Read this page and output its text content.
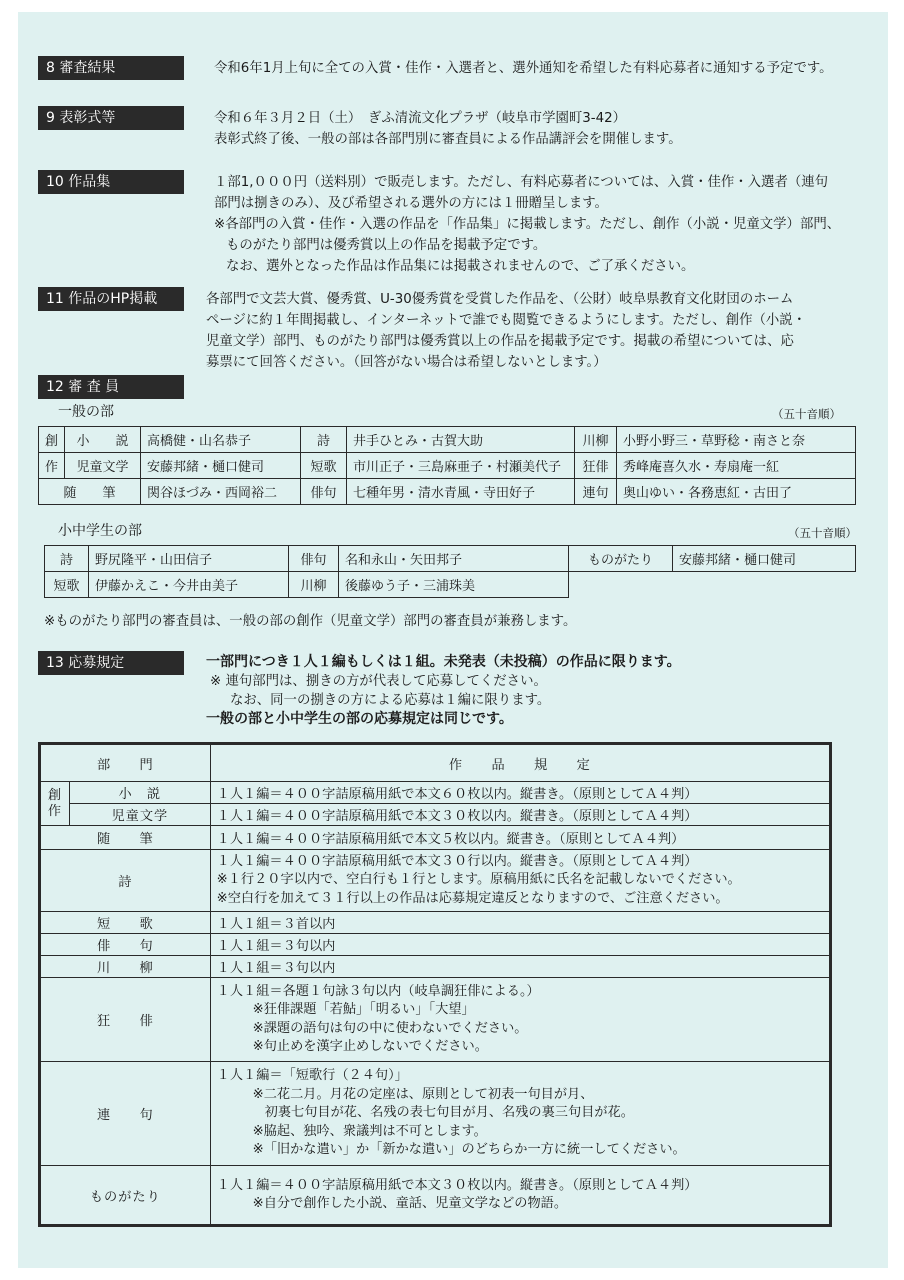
8 審査結果	令和6年1月上旬に全ての入賞・佳作・入選者と、選外通知を希望した有料応募者に通知する予定です。

9 表彰式等	令和６年３月２日（土）　ぎふ清流文化プラザ（岐阜市学園町3-42）

表彰式終了後、一般の部は各部門別に審査員による作品講評会を開催します。

10 作品集	１部1,０００円（送料別）で販売します。ただし、有料応募者については、入賞・佳作・入選者（連句

部門は捌きのみ）、及び希望される選外の方には１冊贈呈します。

※各部門の入賞・佳作・入選の作品を「作品集」に掲載します。ただし、創作（小説・児童文学）部門、

ものがたり部門は優秀賞以上の作品を掲載予定です。

なお、選外となった作品は作品集には掲載されませんので、ご了承ください。

11 作品のHP掲載	各部門で文芸大賞、優秀賞、U-30優秀賞を受賞した作品を、（公財）岐阜県教育文化財団のホーム

ページに約１年間掲載し、インターネットで誰でも閲覧できるようにします。ただし、創作（小説・

児童文学）部門、ものがたり部門は優秀賞以上の作品を掲載予定です。掲載の希望については、応

募票にて回答ください。（回答がない場合は希望しないとします。）

12 審 査 員
一般の部	（五十音順）
創	小　　説	高橋健・山名恭子	詩	井手ひとみ・古賀大助	川柳	小野小野三・草野稔・南さと奈
作	児童文学	安藤邦緒・樋口健司	短歌	市川正子・三島麻亜子・村瀬美代子	狂俳	秀峰庵喜久水・寿扇庵一紅
随　　筆		関谷ほづみ・西岡裕二	俳句	七種年男・清水青風・寺田好子	連句	奥山ゆい・各務恵紅・古田了
小中学生の部	（五十音順）
詩	野尻隆平・山田信子	俳句	名和永山・矢田邦子	ものがたり	安藤邦緒・樋口健司
短歌	伊藤かえこ・今井由美子	川柳	後藤ゆう子・三浦珠美		
※ものがたり部門の審査員は、一般の部の創作（児童文学）部門の審査員が兼務します。
13 応募規定	一部門につき１人１編もしくは１組。未発表（未投稿）の作品に限ります。

※ 連句部門は、捌きの方が代表して応募してください。

なお、同一の捌きの方による応募は１編に限ります。

一般の部と小中学生の部の応募規定は同じです。

部　　門		作　　品　　規　　定
創
作	小　説	１人１編＝４００字詰原稿用紙で本文６０枚以内。縦書き。（原則としてＡ４判）
	児童文学	１人１編＝４００字詰原稿用紙で本文３０枚以内。縦書き。（原則としてＡ４判）
随　　筆		１人１編＝４００字詰原稿用紙で本文５枚以内。縦書き。（原則としてＡ４判）
詩		１人１編＝４００字詰原稿用紙で本文３０行以内。縦書き。（原則としてＡ４判）

※１行２０字以内で、空白行も１行とします。原稿用紙に氏名を記載しないでください。

※空白行を加えて３１行以上の作品は応募規定違反となりますので、ご注意ください。

短　　歌		１人１組＝３首以内
俳　　句		１人１組＝３句以内
川　　柳		１人１組＝３句以内
狂　　俳		１人１組＝各題１句詠３句以内（岐阜調狂俳による。）

※狂俳課題「若鮎」「明るい」「大望」

※課題の語句は句の中に使わないでください。

※句止めを漢字止めしないでください。

連　　句		１人１編＝「短歌行（２４句）」

※二花二月。月花の定座は、原則として初表一句目が月、

初裏七句目が花、名残の表七句目が月、名残の裏三句目が花。

※脇起、独吟、衆議判は不可とします。

※「旧かな遣い」か「新かな遣い」のどちらか一方に統一してください。

ものがたり		１人１編＝４００字詰原稿用紙で本文３０枚以内。縦書き。（原則としてＡ４判）

※自分で創作した小説、童話、児童文学などの物語。
